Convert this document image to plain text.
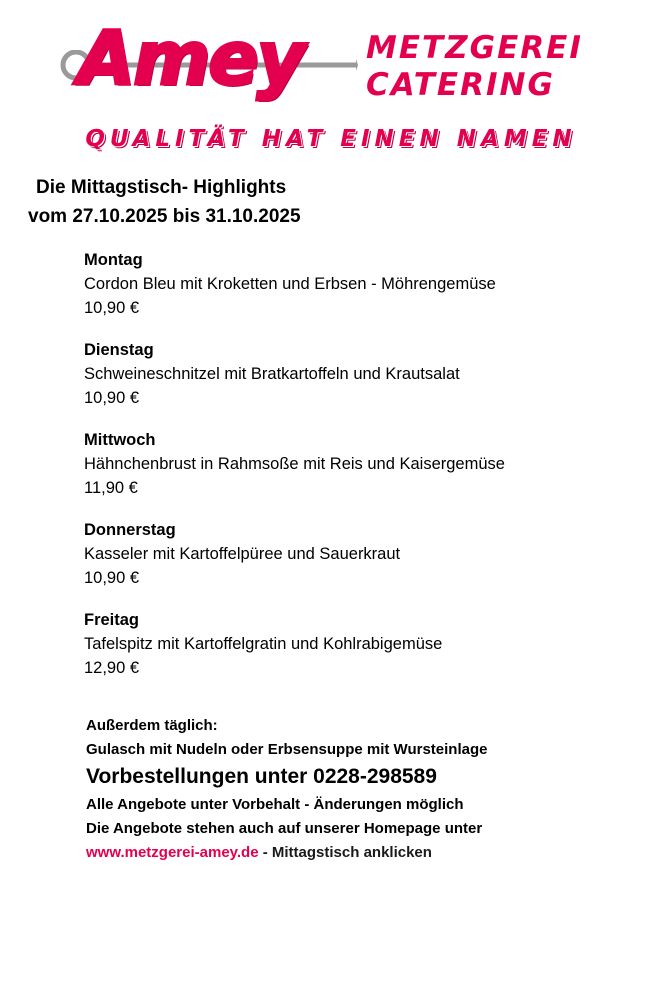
Amey METZGEREI
CATERING
QUALITÄT HAT EINEN NAMEN
Die Mittagstisch- Highlights
vom 27.10.2025 bis 31.10.2025
Montag
Cordon Bleu mit Kroketten und Erbsen - Möhrengemüse
10,90 €
Dienstag
Schweineschnitzel mit Bratkartoffeln und Krautsalat
10,90 €
Mittwoch
Hähnchenbrust in Rahmsoße mit Reis und Kaisergemüse
11,90 €
Donnerstag
Kasseler mit Kartoffelpüree und Sauerkraut
10,90 €
Freitag
Tafelspitz mit Kartoffelgratin und Kohlrabigemüse
12,90 €
Außerdem täglich:
Gulasch mit Nudeln oder Erbsensuppe mit Wursteinlage
Vorbestellungen unter 0228-298589
Alle Angebote unter Vorbehalt - Änderungen möglich
Die Angebote stehen auch auf unserer Homepage unter
www.metzgerei-amey.de - Mittagstisch anklicken
